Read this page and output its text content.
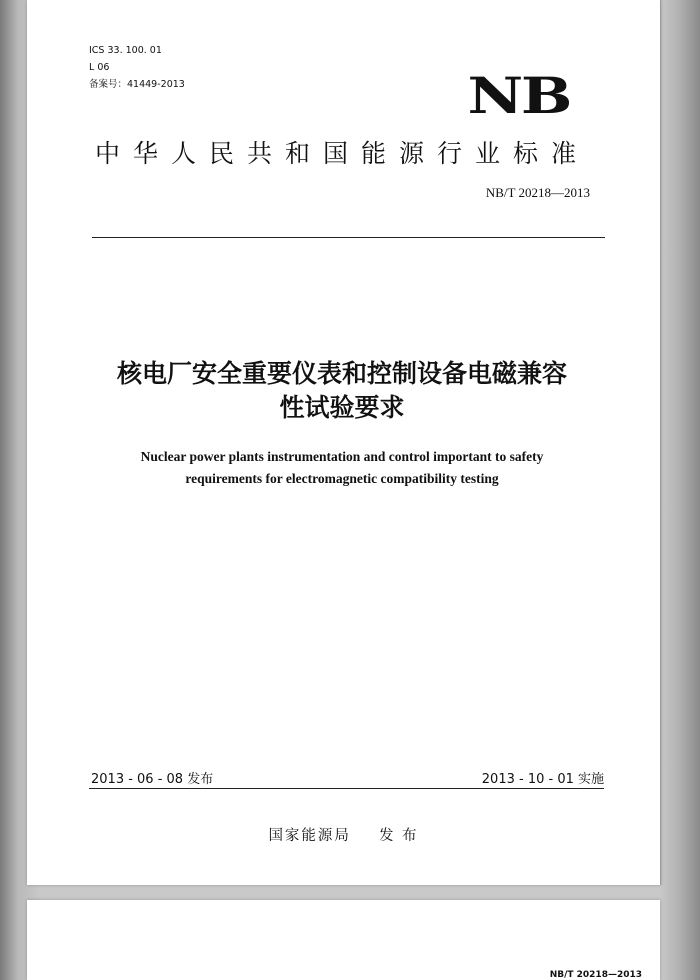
ICS 33. 100. 01
L 06
备案号：41449-2013	NB
中华人民共和国能源行业标准
NB/T 20218—2013
核电厂安全重要仪表和控制设备电磁兼容
性试验要求
Nuclear power plants instrumentation and control important to safety
requirements for electromagnetic compatibility testing
2013 - 06 - 08 发布	2013 - 10 - 01 实施
国家能源局 发 布
NB/T 20218—2013
